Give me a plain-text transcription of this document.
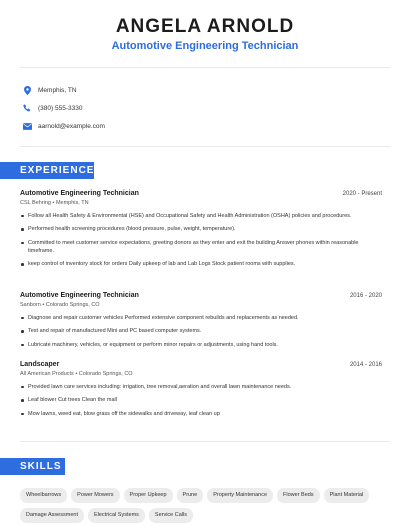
ANGELA ARNOLD
Automotive Engineering Technician
Memphis, TN
(380) 555-3330
aarnold@example.com
EXPERIENCE
Automotive Engineering Technician	2020 - Present
CSL Behring • Memphis, TN
Follow all Health Safety & Environmental (HSE) and Occupational Safety and Health Administration (OSHA) policies and procedures.
Performed health screening procedures (blood pressure, pulse, weight, temperature).
Committed to meet customer service expectations, greeting donors as they enter and exit the building Answer phones within reasonable timeframe.
keep control of inventory stock for orders Daily upkeep of lab and Lab Logs Stock patient rooms with supplies.
Automotive Engineering Technician	2016 - 2020
Sanborn • Colorado Springs, CO
Diagnose and repair customer vehicles Performed extensive component rebuilds and replacements as needed.
Test and repair of manufactured Mini and PC based computer systems.
Lubricate machinery, vehicles, or equipment or perform minor repairs or adjustments, using hand tools.
Landscaper	2014 - 2016
All American Products • Colorado Springs, CO
Provided lawn care services including: irrigation, tree removal,aeration and overall lawn maintenance needs.
Leaf blower Cut trees Clean the mall
Mow lawns, weed eat, blow grass off the sidewalks and driveway, leaf clean up
SKILLS
Wheelbarrows	Power Mowers	Proper Upkeep	Prune	Property Maintenance	Flower Beds	Plant Material
Damage Assessment	Electrical Systems	Service Calls
